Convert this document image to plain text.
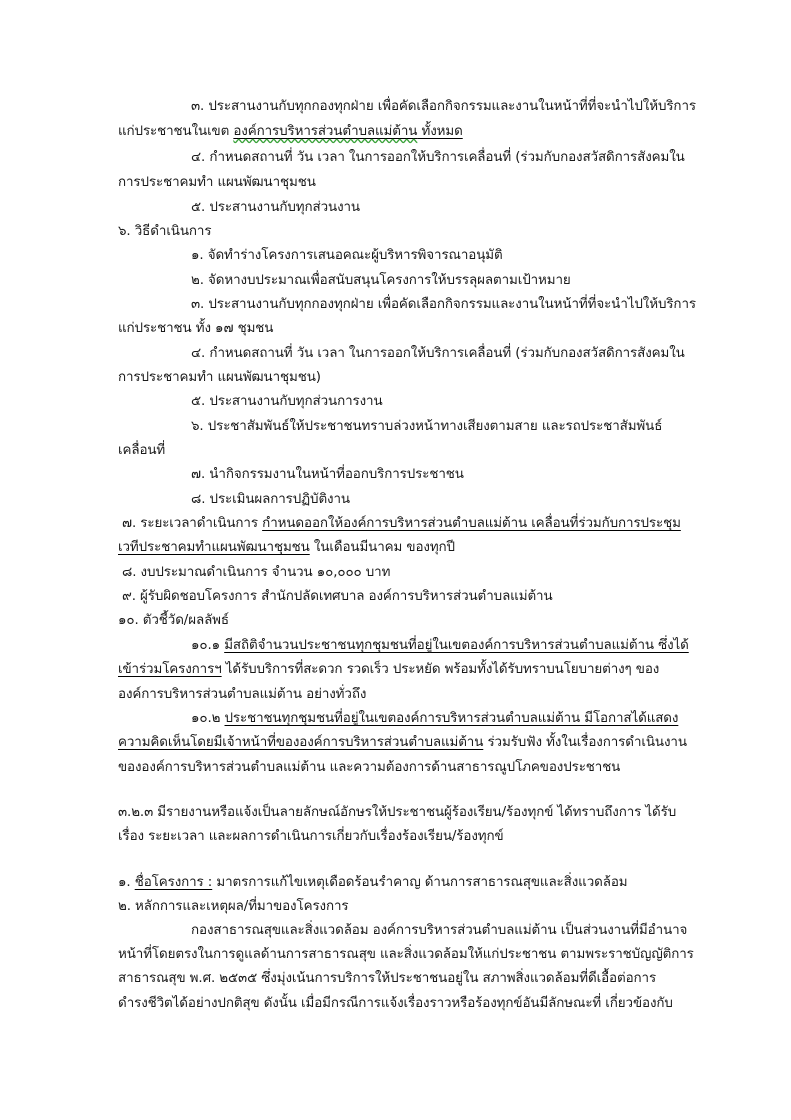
๓. ประสานงานกับทุกกองทุกฝ่าย เพื่อคัดเลือกกิจกรรมและงานในหน้าที่ที่จะนำไปให้บริการ
แก่ประชาชนในเขต องค์การบริหารส่วนตำบลแม่ต้าน ทั้งหมด
๔. กำหนดสถานที่ วัน เวลา ในการออกให้บริการเคลื่อนที่ (ร่วมกับกองสวัสดิการสังคมใน
การประชาคมทำ แผนพัฒนาชุมชน
๕. ประสานงานกับทุกส่วนงาน
๖. วิธีดำเนินการ
๑. จัดทำร่างโครงการเสนอคณะผู้บริหารพิจารณาอนุมัติ
๒. จัดหางบประมาณเพื่อสนับสนุนโครงการให้บรรลุผลตามเป้าหมาย
๓. ประสานงานกับทุกกองทุกฝ่าย เพื่อคัดเลือกกิจกรรมและงานในหน้าที่ที่จะนำไปให้บริการ
แก่ประชาชน ทั้ง ๑๗ ชุมชน
๔. กำหนดสถานที่ วัน เวลา ในการออกให้บริการเคลื่อนที่ (ร่วมกับกองสวัสดิการสังคมใน
การประชาคมทำ แผนพัฒนาชุมชน)
๕. ประสานงานกับทุกส่วนการงาน
๖. ประชาสัมพันธ์ให้ประชาชนทราบล่วงหน้าทางเสียงตามสาย และรถประชาสัมพันธ์
เคลื่อนที่
๗. นำกิจกรรมงานในหน้าที่ออกบริการประชาชน
๘. ประเมินผลการปฏิบัติงาน
๗. ระยะเวลาดำเนินการ กำหนดออกให้องค์การบริหารส่วนตำบลแม่ต้าน เคลื่อนที่ร่วมกับการประชุม
เวทีประชาคมทำแผนพัฒนาชุมชน ในเดือนมีนาคม ของทุกปี
๘. งบประมาณดำเนินการ จำนวน ๑๐,๐๐๐ บาท
๙. ผู้รับผิดชอบโครงการ สำนักปลัดเทศบาล องค์การบริหารส่วนตำบลแม่ต้าน
๑๐. ตัวชี้วัด/ผลลัพธ์
๑๐.๑ มีสถิติจำนวนประชาชนทุกชุมชนที่อยู่ในเขตองค์การบริหารส่วนตำบลแม่ต้าน ซึ่งได้
เข้าร่วมโครงการฯ ได้รับบริการที่สะดวก รวดเร็ว ประหยัด พร้อมทั้งได้รับทราบนโยบายต่างๆ ของ
องค์การบริหารส่วนตำบลแม่ต้าน อย่างทั่วถึง
๑๐.๒ ประชาชนทุกชุมชนที่อยู่ในเขตองค์การบริหารส่วนตำบลแม่ต้าน มีโอกาสได้แสดง
ความคิดเห็นโดยมีเจ้าหน้าที่ขององค์การบริหารส่วนตำบลแม่ต้าน ร่วมรับฟัง ทั้งในเรื่องการดำเนินงาน
ขององค์การบริหารส่วนตำบลแม่ต้าน และความต้องการด้านสาธารณูปโภคของประชาชน
๓.๒.๓ มีรายงานหรือแจ้งเป็นลายลักษณ์อักษรให้ประชาชนผู้ร้องเรียน/ร้องทุกข์ ได้ทราบถึงการ ได้รับ
เรื่อง ระยะเวลา และผลการดำเนินการเกี่ยวกับเรื่องร้องเรียน/ร้องทุกข์
๑. ชื่อโครงการ : มาตรการแก้ไขเหตุเดือดร้อนรำคาญ ด้านการสาธารณสุขและสิ่งแวดล้อม
๒. หลักการและเหตุผล/ที่มาของโครงการ
กองสาธารณสุขและสิ่งแวดล้อม องค์การบริหารส่วนตำบลแม่ต้าน เป็นส่วนงานที่มีอำนาจ
หน้าที่โดยตรงในการดูแลด้านการสาธารณสุข และสิ่งแวดล้อมให้แก่ประชาชน ตามพระราชบัญญัติการ
สาธารณสุข พ.ศ. ๒๕๓๕ ซึ่งมุ่งเน้นการบริการให้ประชาชนอยู่ใน สภาพสิ่งแวดล้อมที่ดีเอื้อต่อการ
ดำรงชีวิตได้อย่างปกติสุข ดังนั้น เมื่อมีกรณีการแจ้งเรื่องราวหรือร้องทุกข์อันมีลักษณะที่ เกี่ยวข้องกับ
